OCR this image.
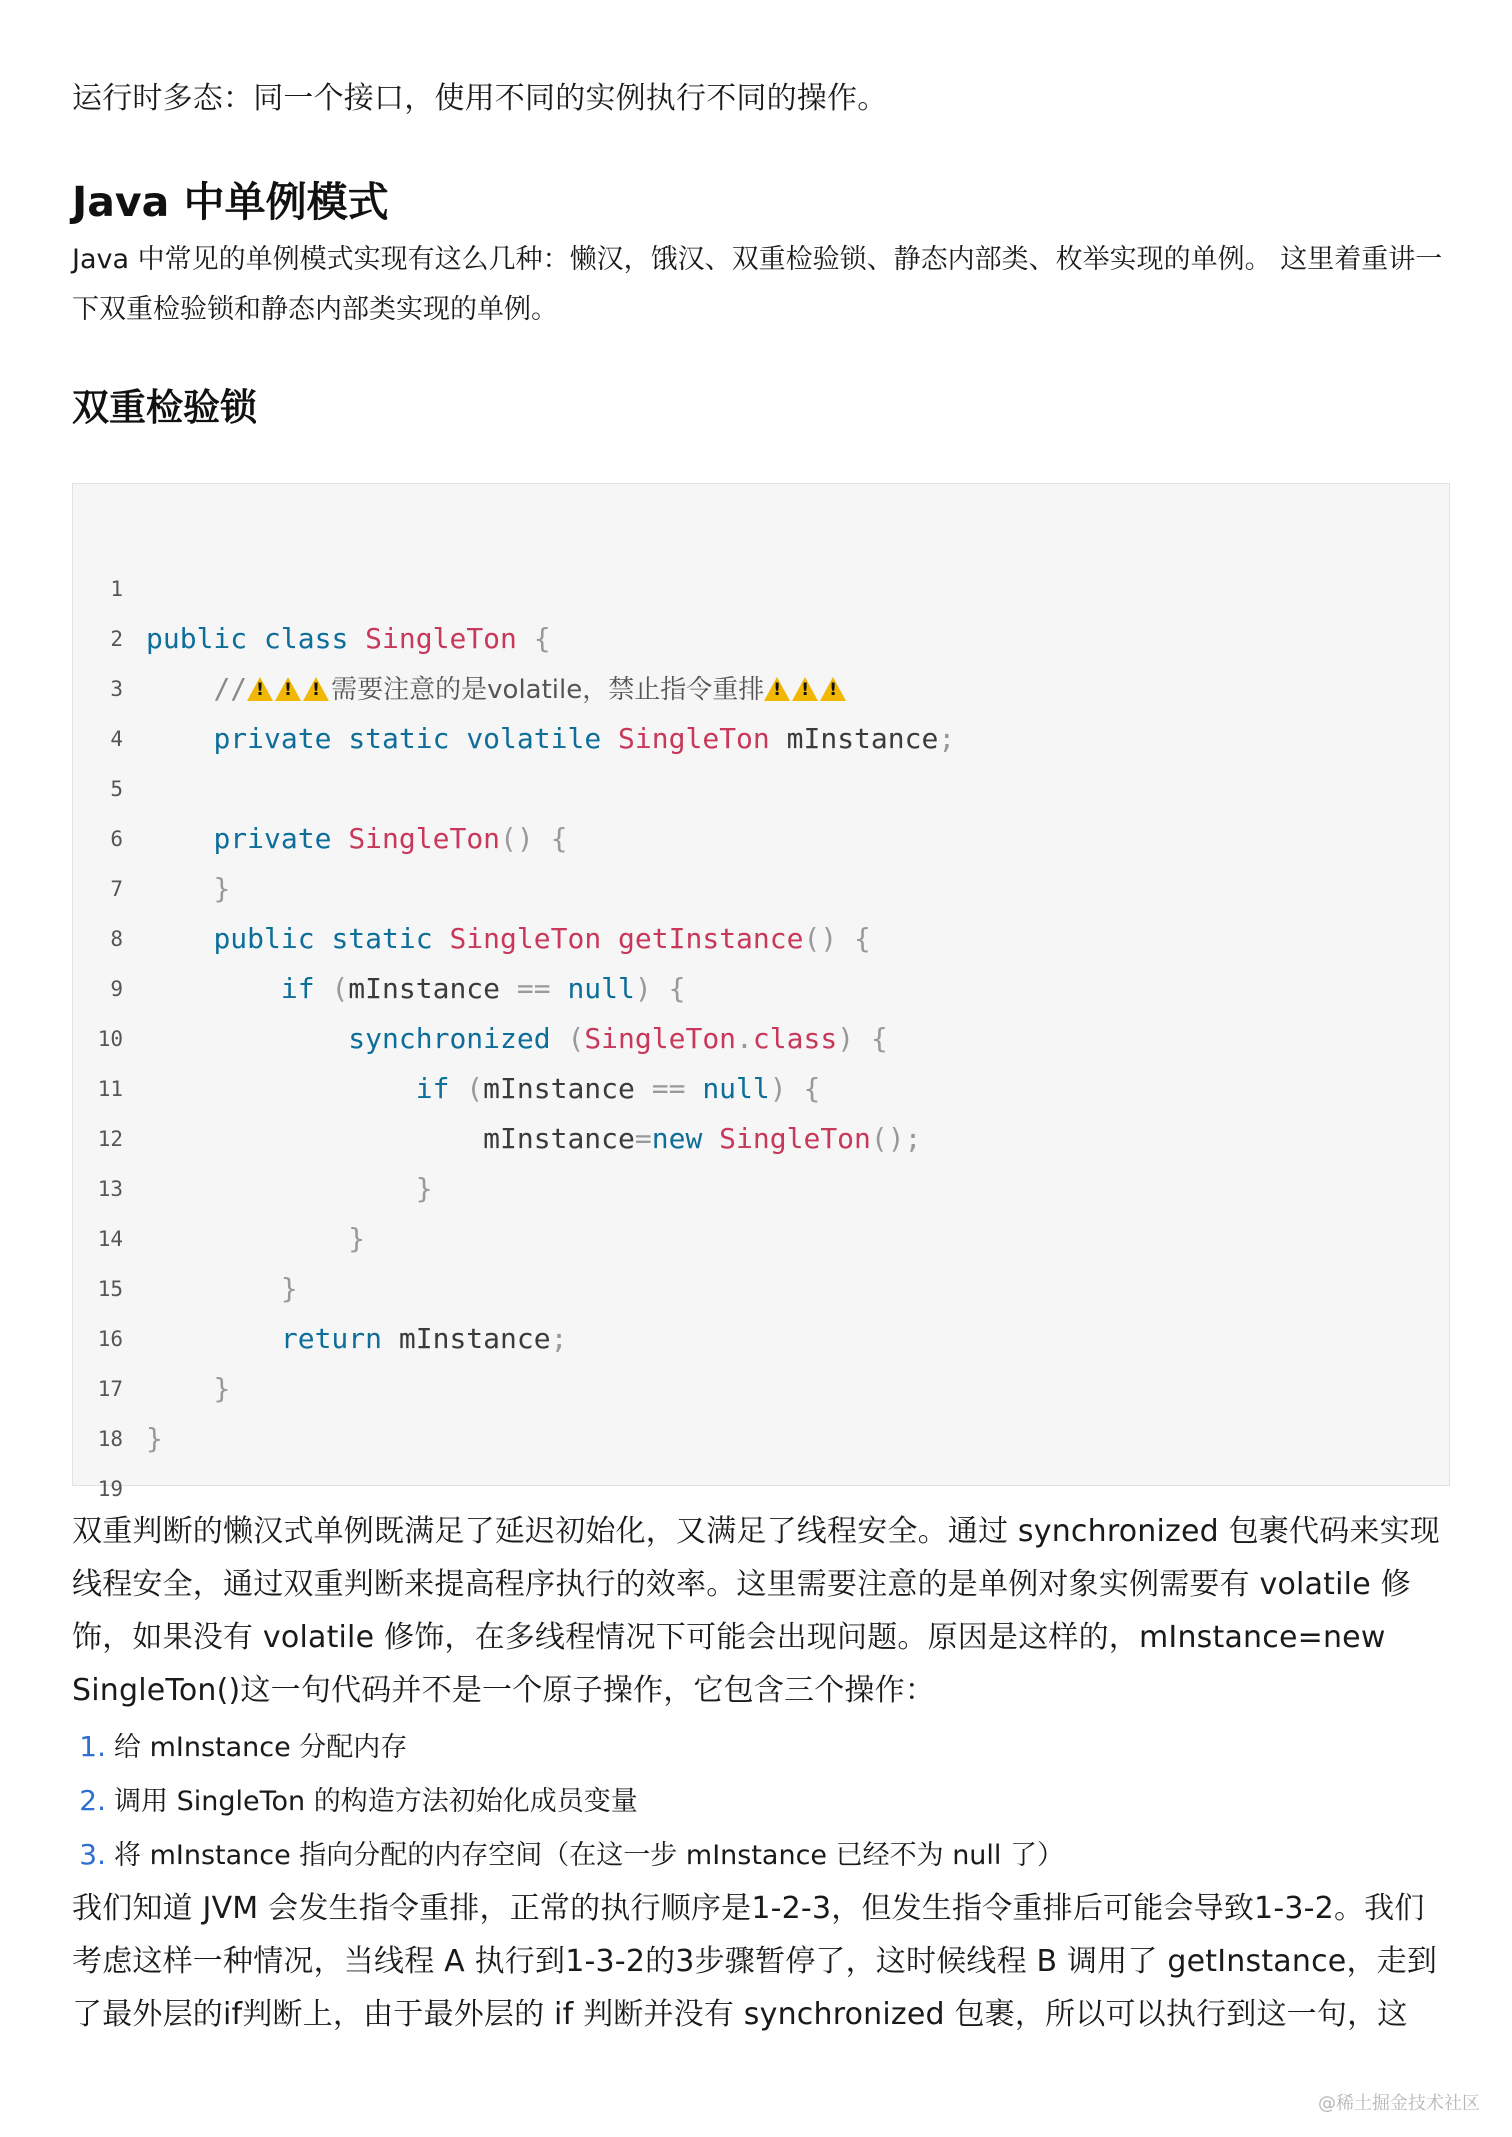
运行时多态：同一个接口，使用不同的实例执行不同的操作。

Java 中单例模式

Java 中常见的单例模式实现有这么几种：懒汉，饿汉、双重检验锁、静态内部类、枚举实现的单例。 这里着重讲一下双重检验锁和静态内部类实现的单例。

双重检验锁

1

public class SingleTon {

2

// ! ! !	需要注意的是volatile，禁止指令重排 ! ! !

3

private static volatile SingleTon mInstance;

4

5

private SingleTon() {

6

}

7

public static SingleTon getInstance() {

8

if (mInstance == null) {

9

synchronized (SingleTon.class) {

10

if (mInstance == null) {

11

mInstance=new SingleTon();

12

}

13

}

14

}

15

return mInstance;

16

}

17

}

18

19

双重判断的懒汉式单例既满足了延迟初始化，又满足了线程安全。通过 synchronized 包裹代码来实现线程安全，通过双重判断来提高程序执行的效率。这里需要注意的是单例对象实例需要有 volatile 修饰，如果没有 volatile 修饰，在多线程情况下可能会出现问题。原因是这样的，mInstance=new SingleTon()这一句代码并不是一个原子操作，它包含三个操作：

1. 给 mInstance 分配内存
2. 调用 SingleTon 的构造方法初始化成员变量
3. 将 mInstance 指向分配的内存空间（在这一步 mInstance 已经不为 null 了）

我们知道 JVM 会发生指令重排，正常的执行顺序是1-2-3，但发生指令重排后可能会导致1-3-2。我们考虑这样一种情况，当线程 A 执行到1-3-2的3步骤暂停了，这时候线程 B 调用了 getInstance，走到了最外层的if判断上，由于最外层的 if 判断并没有 synchronized 包裹，所以可以执行到这一句，这

@稀土掘金技术社区
